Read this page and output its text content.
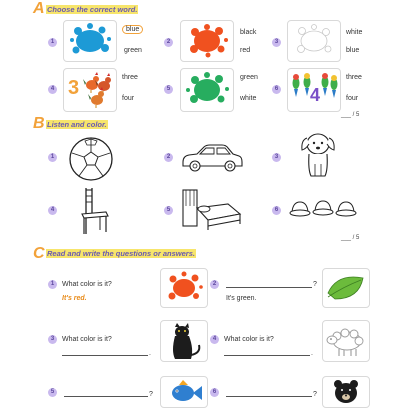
A Choose the correct word.
1
blue
green
2
black
red
3
white
blue
4 3	three
four
5
green
white
6 4
three
four
___ / 5
B Listen and color.
1	2	3
4	5	6
___ / 5
C Read and write the questions or answers.
1	What color is it?
It's red.
2	?
It's green.
3	What color is it?
.
4	What color is it?
.
5	?	6	?
